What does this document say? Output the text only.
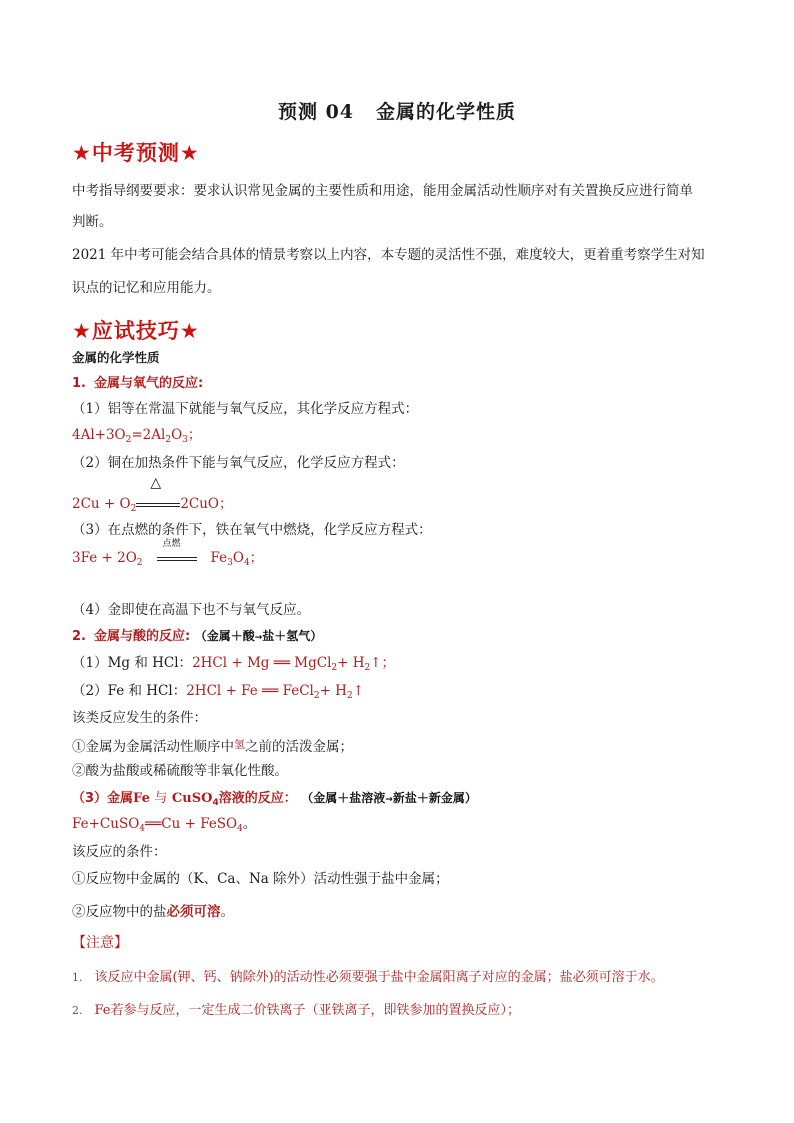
预测 04 金属的化学性质
★中考预测★
中考指导纲要要求：要求认识常见金属的主要性质和用途，能用金属活动性顺序对有关置换反应进行简单
判断。
2021 年中考可能会结合具体的情景考察以上内容，本专题的灵活性不强，难度较大，更着重考察学生对知
识点的记忆和应用能力。
★应试技巧★
金属的化学性质
1. 金属与氧气的反应:
（1）铝等在常温下就能与氧气反应，其化学反应方程式：
$4Al+3O_2=2Al_2O_3$；
（2）铜在加热条件下能与氧气反应，化学反应方程式：
$2Cu + O_2$
△
2CuO；
（3）在点燃的条件下，铁在氧气中燃烧，化学反应方程式：
$3Fe + 2O_2$
点燃
$Fe_3O_4$；
（4）金即使在高温下也不与氧气反应。
2. 金属与酸的反应: （金属＋酸→盐＋氢气）
（1）Mg 和 HCl：2HCl + Mg ══ MgCl$_2$+ $H_2↑$；
（2）Fe 和 HCl：2HCl + Fe ══ FeCl$_2$+ $H_2↑$
该类反应发生的条件：
①金属为金属活动性顺序中$^氢$之前的活泼金属；
②酸为盐酸或稀硫酸等非氧化性酸。
（3）金属Fe 与 CuSO$_4$溶液的反应： （金属＋盐溶液→新盐＋新金属）
Fe+CuSO$_4$══Cu + FeSO$_4$。
该反应的条件：
①反应物中金属的（K、Ca、Na 除外）活动性强于盐中金属；
②反应物中的盐必须可溶。
【注意】
1. 该反应中金属(钾、钙、钠除外)的活动性必须要强于盐中金属阳离子对应的金属；盐必须可溶于水。
2. Fe若参与反应，一定生成二价铁离子（亚铁离子，即铁参加的置换反应）；
